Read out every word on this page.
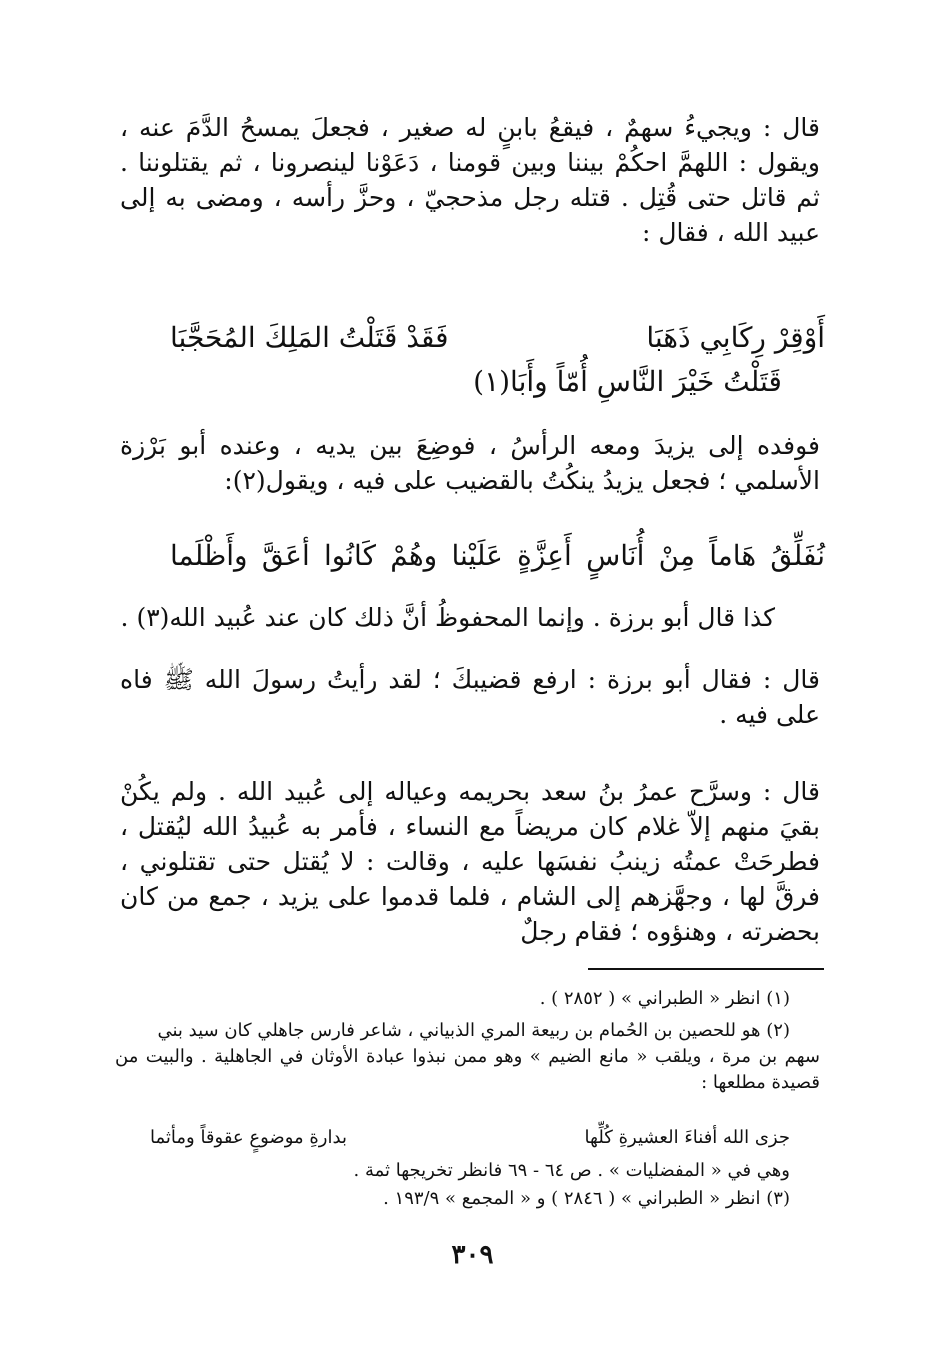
قال : ويجيءُ سهمٌ ، فيقعُ بابنٍ له صغير ، فجعلَ يمسحُ الدَّمَ عنه ، ويقول : اللهمَّ احكُمْ بيننا وبين قومنا ، دَعَوْنا لينصرونا ، ثم يقتلوننا . ثم قاتل حتى قُتِل . قتله رجل مذحجيّ ، وحزَّ رأسه ، ومضى به إلى عبيد الله ، فقال :

أَوْقِرْ رِكَابِي ذَهَبَا
فَقَدْ قَتَلْتُ المَلِكَ المُحَجَّبَا
قَتَلْتُ خَيْرَ النَّاسِ أُمّاً وأَبَا(١)

فوفده إلى يزيدَ ومعه الرأسُ ، فوضِعَ بين يديه ، وعنده أبو بَرْزة الأسلمي ؛ فجعل يزيدُ ينكُتُ بالقضيب على فيه ، ويقول(٢):

نُفَلِّقُ هَاماً مِنْ أُنَاسٍ أَعِزَّةٍ عَلَيْنا وهُمْ كَانُوا أعَقَّ وأَظْلَما

كذا قال أبو برزة . وإنما المحفوظُ أنَّ ذلك كان عند عُبيد الله(٣) .

قال : فقال أبو برزة : ارفع قضيبكَ ؛ لقد رأيتُ رسولَ الله ﷺ فاه على فيه .

قال : وسرَّح عمرُ بنُ سعد بحريمه وعياله إلى عُبيد الله . ولم يكُنْ بقيَ منهم إلاّ غلام كان مريضاً مع النساء ، فأمر به عُبيدُ الله ليُقتل ، فطرحَتْ عمتُه زينبُ نفسَها عليه ، وقالت : لا يُقتل حتى تقتلوني ، فرقَّ لها ، وجهَّزهم إلى الشام ، فلما قدموا على يزيد ، جمع من كان بحضرته ، وهنؤوه ؛ فقام رجلٌ

(١) انظر « الطبراني » ( ٢٨٥٢ ) .
(٢) هو للحصين بن الحُمام بن ربيعة المري الذبياني ، شاعر فارس جاهلي كان سيد بني
سهم بن مرة ، ويلقب « مانع الضيم » وهو ممن نبذوا عبادة الأوثان في الجاهلية . والبيت من قصيدة مطلعها :
جزى الله أفناءَ العشيرةِ كُلِّها
بدارةِ موضوعٍ عقوقاً ومأثما
وهي في « المفضليات » . ص ٦٤ - ٦٩ فانظر تخريجها ثمة .
(٣) انظر « الطبراني » ( ٢٨٤٦ ) و « المجمع » ١٩٣/٩ .
٣٠٩
